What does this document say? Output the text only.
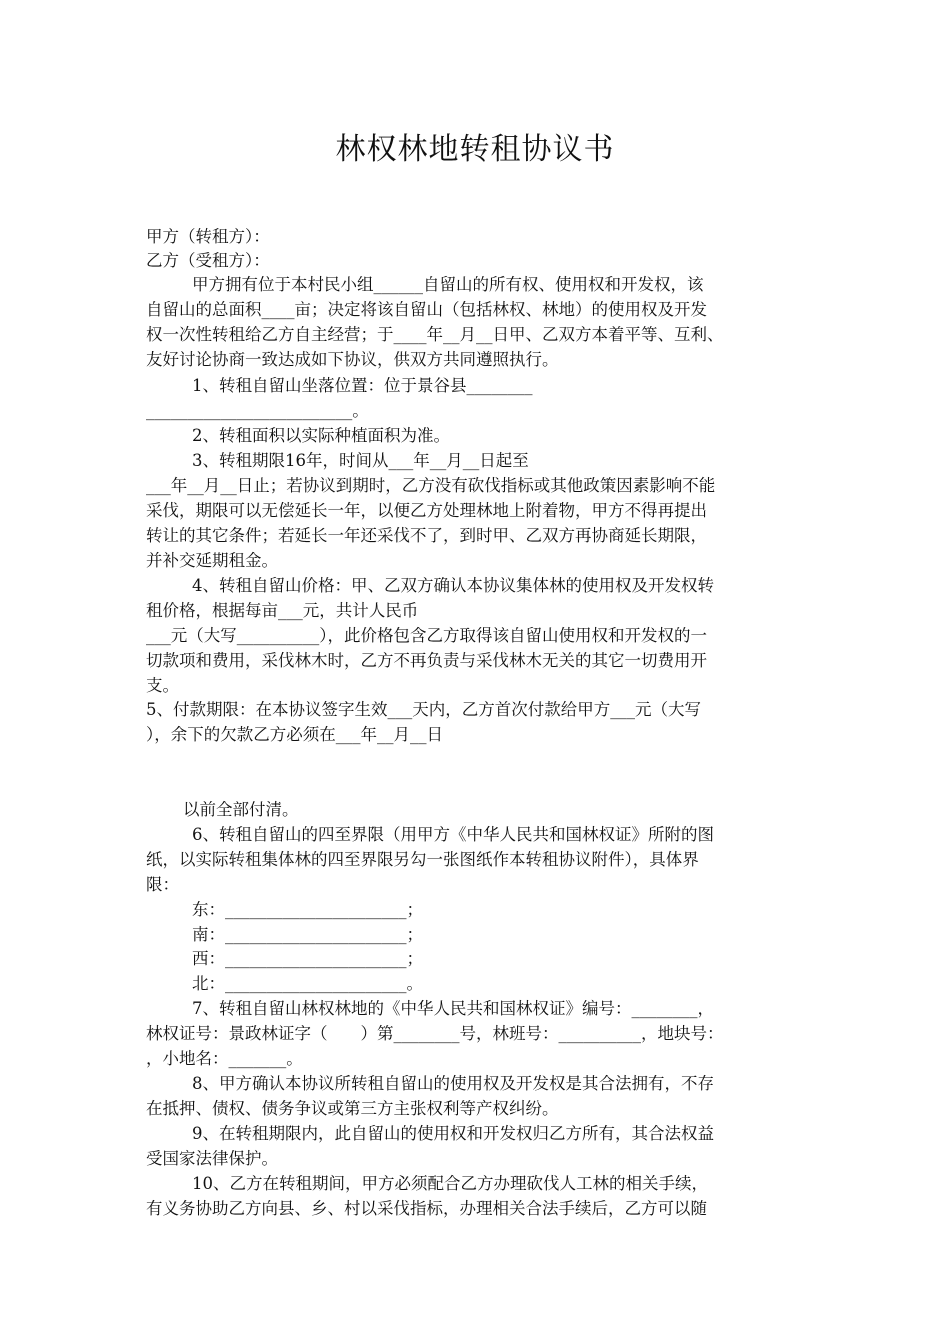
林权林地转租协议书
甲方（转租方）：
乙方（受租方）：
甲方拥有位于本村民小组______自留山的所有权、使用权和开发权，该
自留山的总面积____亩；决定将该自留山（包括林权、林地）的使用权及开发
权一次性转租给乙方自主经营；于____年__月__日甲、乙双方本着平等、互利、
友好讨论协商一致达成如下协议，供双方共同遵照执行。
1、转租自留山坐落位置：位于景谷县________
_________________________。
2、转租面积以实际种植面积为准。
3、转租期限16年，时间从___年__月__日起至
___年__月__日止；若协议到期时，乙方没有砍伐指标或其他政策因素影响不能
采伐，期限可以无偿延长一年，以便乙方处理林地上附着物，甲方不得再提出
转让的其它条件；若延长一年还采伐不了，到时甲、乙双方再协商延长期限，
并补交延期租金。
4、转租自留山价格：甲、乙双方确认本协议集体林的使用权及开发权转
租价格，根据每亩___元，共计人民币
___元（大写__________），此价格包含乙方取得该自留山使用权和开发权的一
切款项和费用，采伐林木时，乙方不再负责与采伐林木无关的其它一切费用开
支。
5、付款期限：在本协议签字生效___天内，乙方首次付款给甲方___元（大写
），余下的欠款乙方必须在___年__月__日
以前全部付清。
6、转租自留山的四至界限（用甲方《中华人民共和国林权证》所附的图
纸，以实际转租集体林的四至界限另勾一张图纸作本转租协议附件），具体界
限：
东：______________________；
南：______________________；
西：______________________；
北：______________________。
7、转租自留山林权林地的《中华人民共和国林权证》编号：________，
林权证号：景政林证字（　　）第________号，林班号：__________，地块号：
，小地名：_______。
8、甲方确认本协议所转租自留山的使用权及开发权是其合法拥有，不存
在抵押、债权、债务争议或第三方主张权利等产权纠纷。
9、在转租期限内，此自留山的使用权和开发权归乙方所有，其合法权益
受国家法律保护。
10、乙方在转租期间，甲方必须配合乙方办理砍伐人工林的相关手续，
有义务协助乙方向县、乡、村以采伐指标，办理相关合法手续后，乙方可以随
